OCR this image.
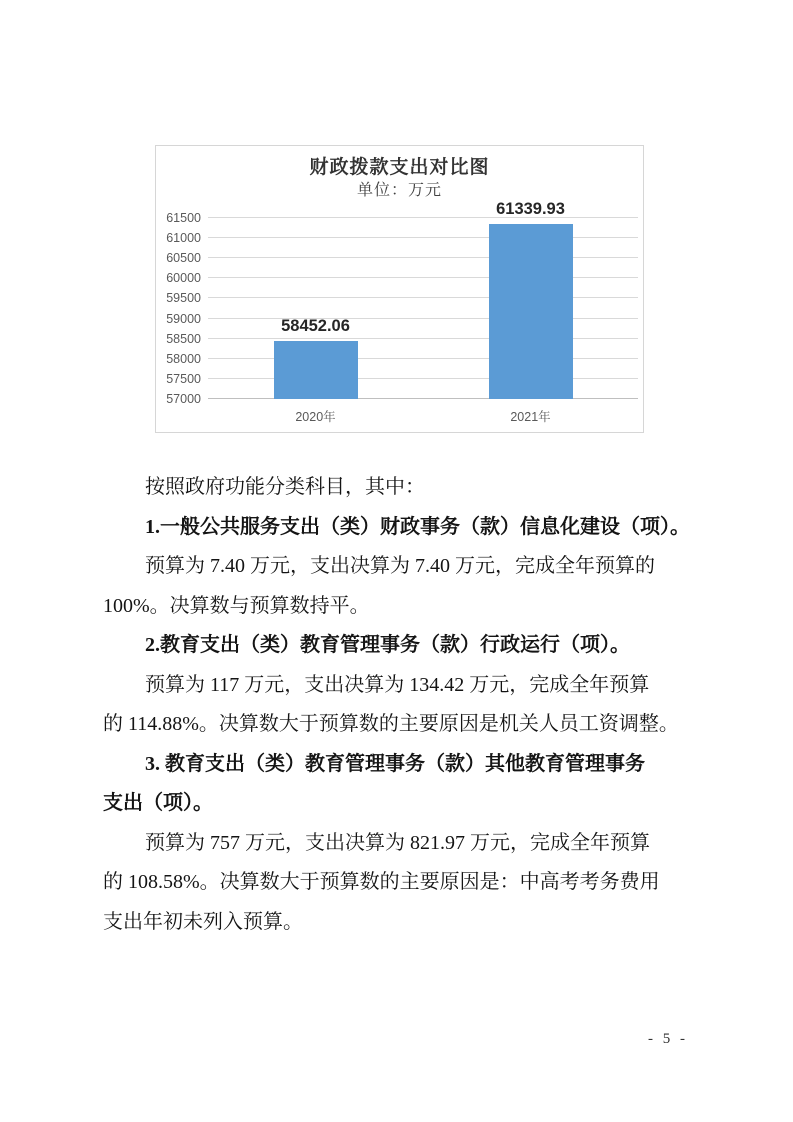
财政拨款支出对比图
单位：万元
57000
57500
58000
58500
59000
59500
60000
60500
61000
61500
58452.06
2020年
61339.93
2021年
按照政府功能分类科目，其中：
1.一般公共服务支出（类）财政事务（款）信息化建设（项）。
预算为 7.40 万元，支出决算为 7.40 万元，完成全年预算的
100%。决算数与预算数持平。
2.教育支出（类）教育管理事务（款）行政运行（项）。
预算为 117 万元，支出决算为 134.42 万元，完成全年预算
的 114.88%。决算数大于预算数的主要原因是机关人员工资调整。
3. 教育支出（类）教育管理事务（款）其他教育管理事务
支出（项）。
预算为 757 万元，支出决算为 821.97 万元，完成全年预算
的 108.58%。决算数大于预算数的主要原因是：中高考考务费用
支出年初未列入预算。
- 5 -
